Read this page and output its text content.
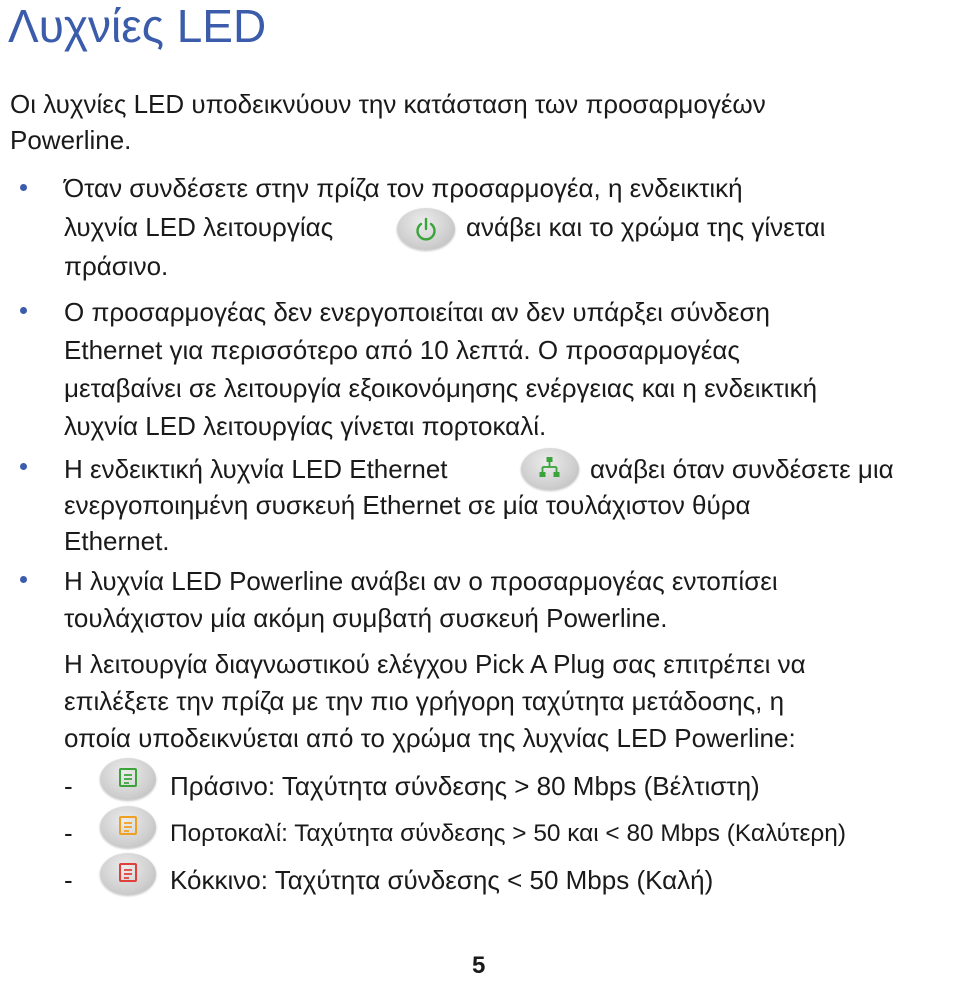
Λυχνίες LED
Οι λυχνίες LED υποδεικνύουν την κατάσταση των προσαρμογέων
Powerline.
Όταν συνδέσετε στην πρίζα τον προσαρμογέα, η ενδεικτική
λυχνία LED λειτουργίας	ανάβει και το χρώμα της γίνεται
πράσινο.
Ο προσαρμογέας δεν ενεργοποιείται αν δεν υπάρξει σύνδεση
Ethernet για περισσότερο από 10 λεπτά. Ο προσαρμογέας
μεταβαίνει σε λειτουργία εξοικονόμησης ενέργειας και η ενδεικτική
λυχνία LED λειτουργίας γίνεται πορτοκαλί.
Η ενδεικτική λυχνία LED Ethernet	ανάβει όταν συνδέσετε μια
ενεργοποιημένη συσκευή Ethernet σε μία τουλάχιστον θύρα
Ethernet.
Η λυχνία LED Powerline ανάβει αν ο προσαρμογέας εντοπίσει
τουλάχιστον μία ακόμη συμβατή συσκευή Powerline.
Η λειτουργία διαγνωστικού ελέγχου Pick A Plug σας επιτρέπει να
επιλέξετε την πρίζα με την πιο γρήγορη ταχύτητα μετάδοσης, η
οποία υποδεικνύεται από το χρώμα της λυχνίας LED Powerline:
-	Πράσινο: Ταχύτητα σύνδεσης > 80 Mbps (Βέλτιστη)
-	Πορτοκαλί: Ταχύτητα σύνδεσης > 50 και < 80 Mbps (Καλύτερη)
-	Κόκκινο: Ταχύτητα σύνδεσης < 50 Mbps (Καλή)
5
